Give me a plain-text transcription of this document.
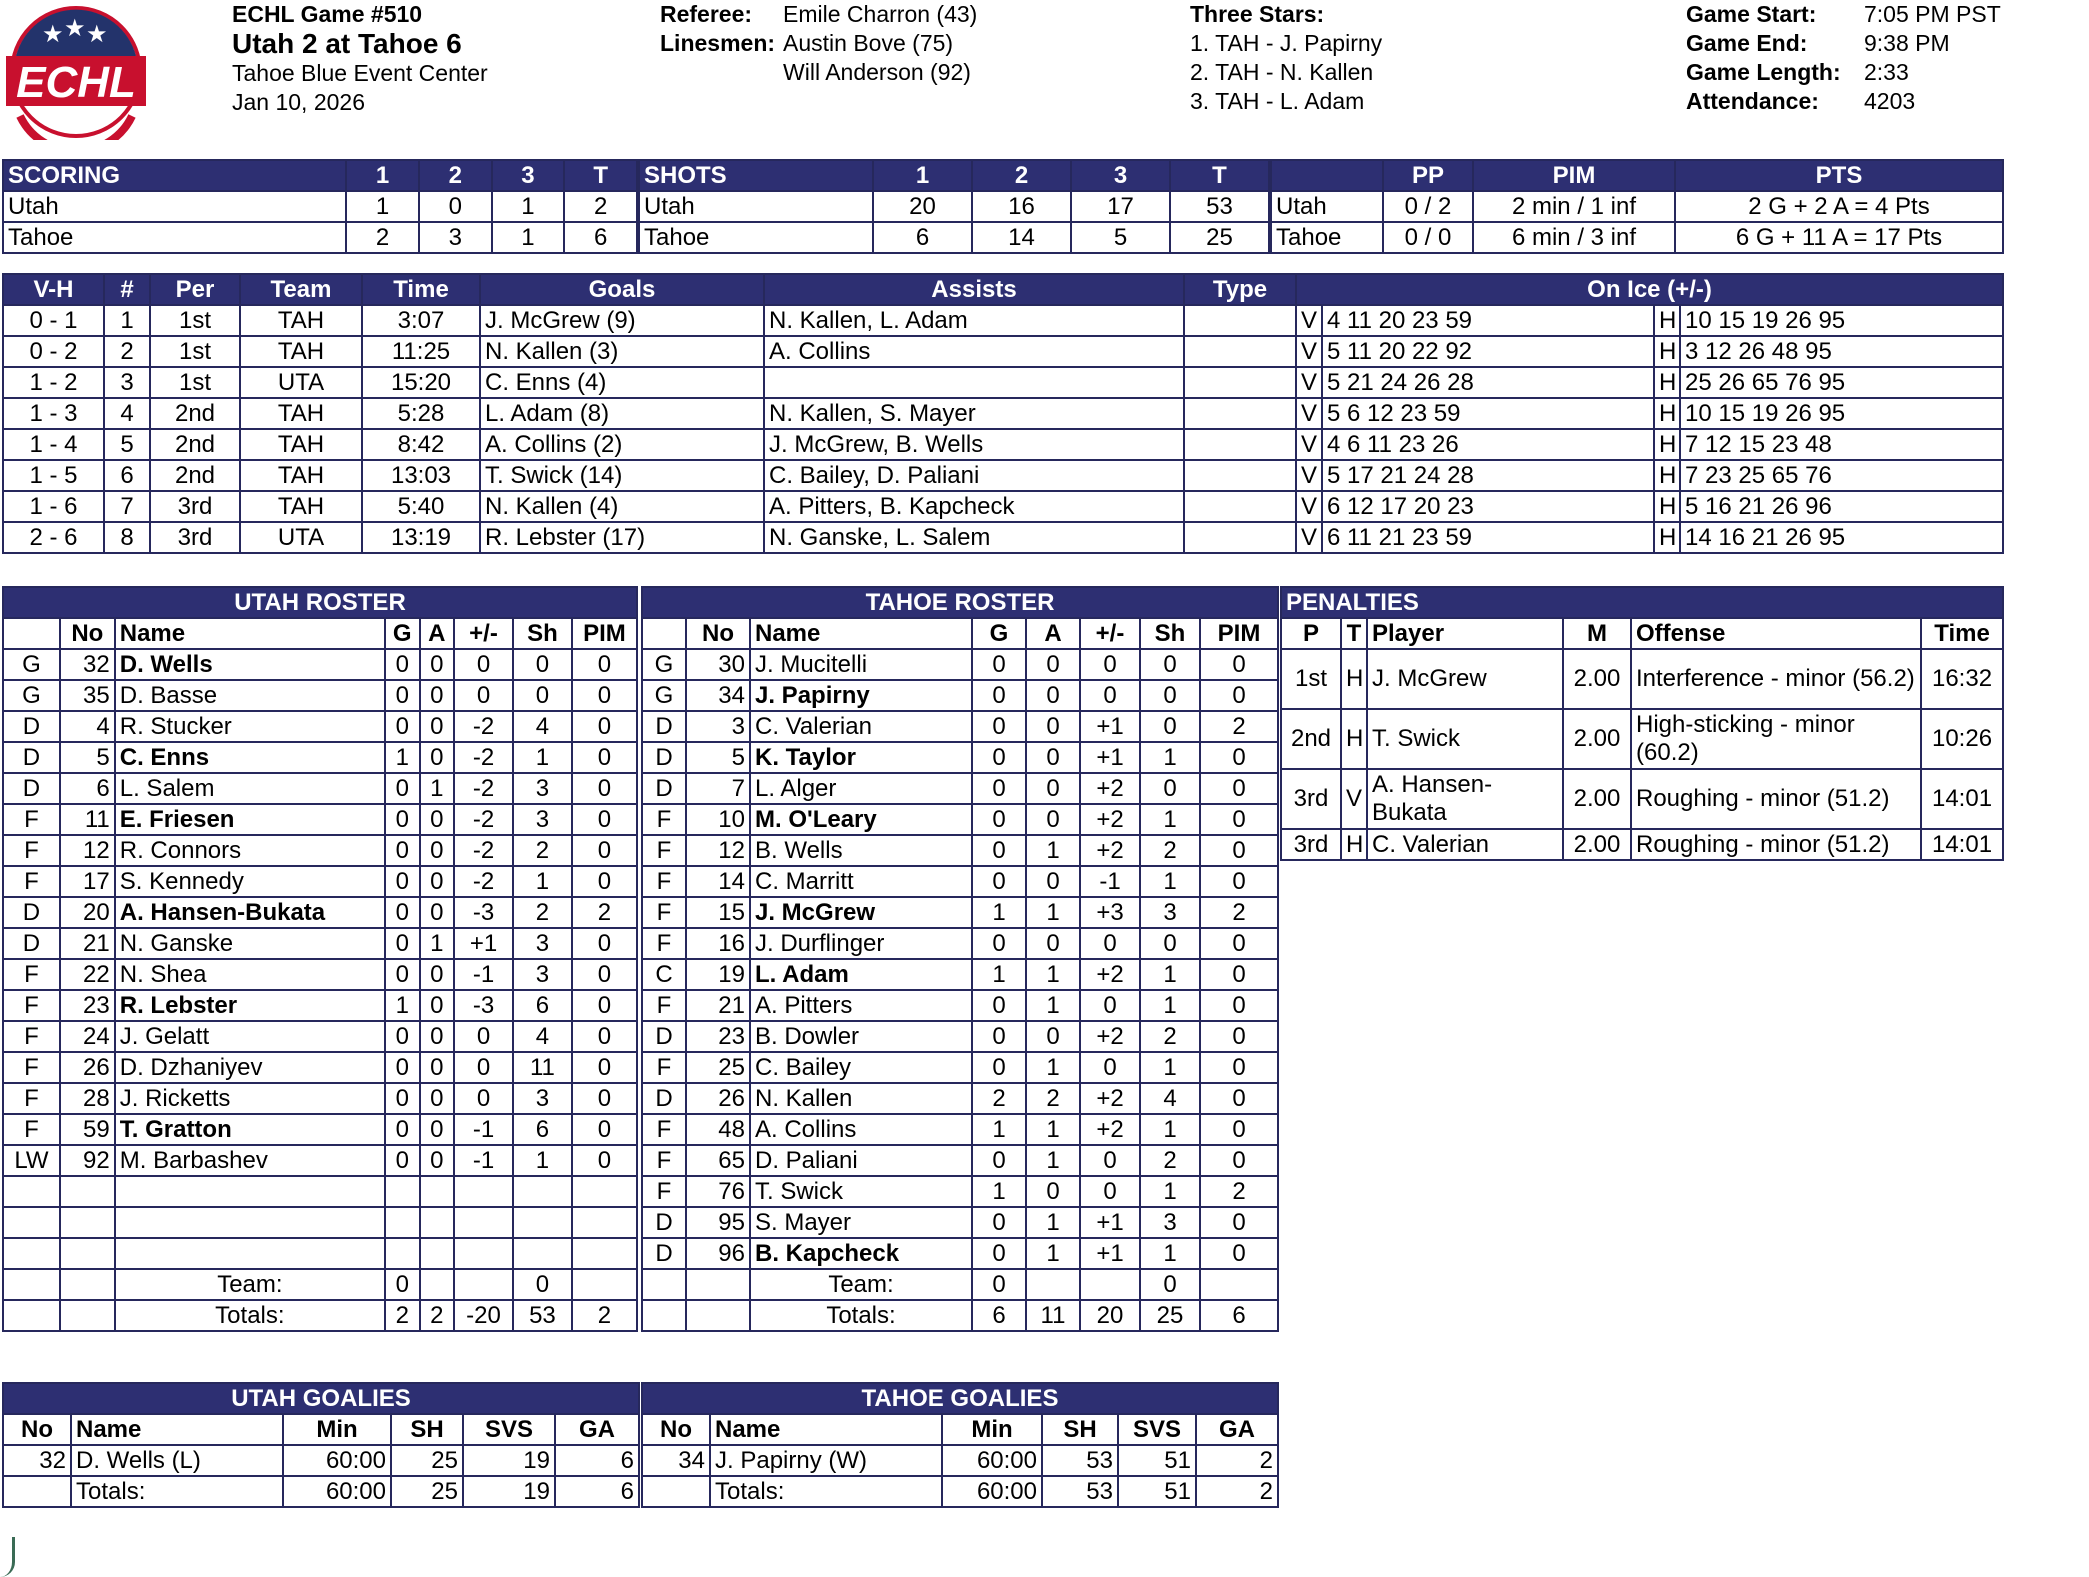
★ ★ ★
ECHL
ECHL Game #510
Utah 2 at Tahoe 6
Tahoe Blue Event Center
Jan 10, 2026
Referee:	Emile Charron (43)
Linesmen:	Austin Bove (75)
	Will Anderson (92)
Three Stars:
1. TAH - J. Papirny
2. TAH - N. Kallen
3. TAH - L. Adam
Game Start:	7:05 PM PST
Game End:	9:38 PM
Game Length:	2:33
Attendance:	4203
SCORING	1	2	3	T
Utah	1	0	1	2
Tahoe	2	3	1	6
SHOTS	1	2	3	T
Utah	20	16	17	53
Tahoe	6	14	5	25
	PP	PIM	PTS
Utah	0 / 2	2 min / 1 inf	2 G + 2 A = 4 Pts
Tahoe	0 / 0	6 min / 3 inf	6 G + 11 A = 17 Pts
V-H	#	Per	Team	Time	Goals	Assists	Type	On Ice (+/-)			
0 - 1	1	1st	TAH	3:07	J. McGrew (9)	N. Kallen, L. Adam		V	4 11 20 23 59	H	10 15 19 26 95
0 - 2	2	1st	TAH	11:25	N. Kallen (3)	A. Collins		V	5 11 20 22 92	H	3 12 26 48 95
1 - 2	3	1st	UTA	15:20	C. Enns (4)			V	5 21 24 26 28	H	25 26 65 76 95
1 - 3	4	2nd	TAH	5:28	L. Adam (8)	N. Kallen, S. Mayer		V	5 6 12 23 59	H	10 15 19 26 95
1 - 4	5	2nd	TAH	8:42	A. Collins (2)	J. McGrew, B. Wells		V	4 6 11 23 26	H	7 12 15 23 48
1 - 5	6	2nd	TAH	13:03	T. Swick (14)	C. Bailey, D. Paliani		V	5 17 21 24 28	H	7 23 25 65 76
1 - 6	7	3rd	TAH	5:40	N. Kallen (4)	A. Pitters, B. Kapcheck		V	6 12 17 20 23	H	5 16 21 26 96
2 - 6	8	3rd	UTA	13:19	R. Lebster (17)	N. Ganske, L. Salem		V	6 11 21 23 59	H	14 16 21 26 95
UTAH ROSTER							
	No	Name	G	A	+/-	Sh	PIM
G	32	D. Wells	0	0	0	0	0
G	35	D. Basse	0	0	0	0	0
D	4	R. Stucker	0	0	-2	4	0
D	5	C. Enns	1	0	-2	1	0
D	6	L. Salem	0	1	-2	3	0
F	11	E. Friesen	0	0	-2	3	0
F	12	R. Connors	0	0	-2	2	0
F	17	S. Kennedy	0	0	-2	1	0
D	20	A. Hansen-Bukata	0	0	-3	2	2
D	21	N. Ganske	0	1	+1	3	0
F	22	N. Shea	0	0	-1	3	0
F	23	R. Lebster	1	0	-3	6	0
F	24	J. Gelatt	0	0	0	4	0
F	26	D. Dzhaniyev	0	0	0	11	0
F	28	J. Ricketts	0	0	0	3	0
F	59	T. Gratton	0	0	-1	6	0
LW	92	M. Barbashev	0	0	-1	1	0

		Team:	0			0	
		Totals:	2	2	-20	53	2
TAHOE ROSTER							
	No	Name	G	A	+/-	Sh	PIM
G	30	J. Mucitelli	0	0	0	0	0
G	34	J. Papirny	0	0	0	0	0
D	3	C. Valerian	0	0	+1	0	2
D	5	K. Taylor	0	0	+1	1	0
D	7	L. Alger	0	0	+2	0	0
F	10	M. O'Leary	0	0	+2	1	0
F	12	B. Wells	0	1	+2	2	0
F	14	C. Marritt	0	0	-1	1	0
F	15	J. McGrew	1	1	+3	3	2
F	16	J. Durflinger	0	0	0	0	0
C	19	L. Adam	1	1	+2	1	0
F	21	A. Pitters	0	1	0	1	0
D	23	B. Dowler	0	0	+2	2	0
F	25	C. Bailey	0	1	0	1	0
D	26	N. Kallen	2	2	+2	4	0
F	48	A. Collins	1	1	+2	1	0
F	65	D. Paliani	0	1	0	2	0
F	76	T. Swick	1	0	0	1	2
D	95	S. Mayer	0	1	+1	3	0
D	96	B. Kapcheck	0	1	+1	1	0
		Team:	0			0	
		Totals:	6	11	20	25	6
PENALTIES					
P	T	Player	M	Offense	Time
1st	H	J. McGrew	2.00	Interference - minor (56.2)	16:32
2nd	H	T. Swick	2.00	High-sticking - minor (60.2)	10:26
3rd	V	A. Hansen-Bukata	2.00	Roughing - minor (51.2)	14:01
3rd	H	C. Valerian	2.00	Roughing - minor (51.2)	14:01
UTAH GOALIES					
No	Name	Min	SH	SVS	GA
32	D. Wells (L)	60:00	25	19	6
	Totals:	60:00	25	19	6
TAHOE GOALIES					
No	Name	Min	SH	SVS	GA
34	J. Papirny (W)	60:00	53	51	2
	Totals:	60:00	53	51	2
